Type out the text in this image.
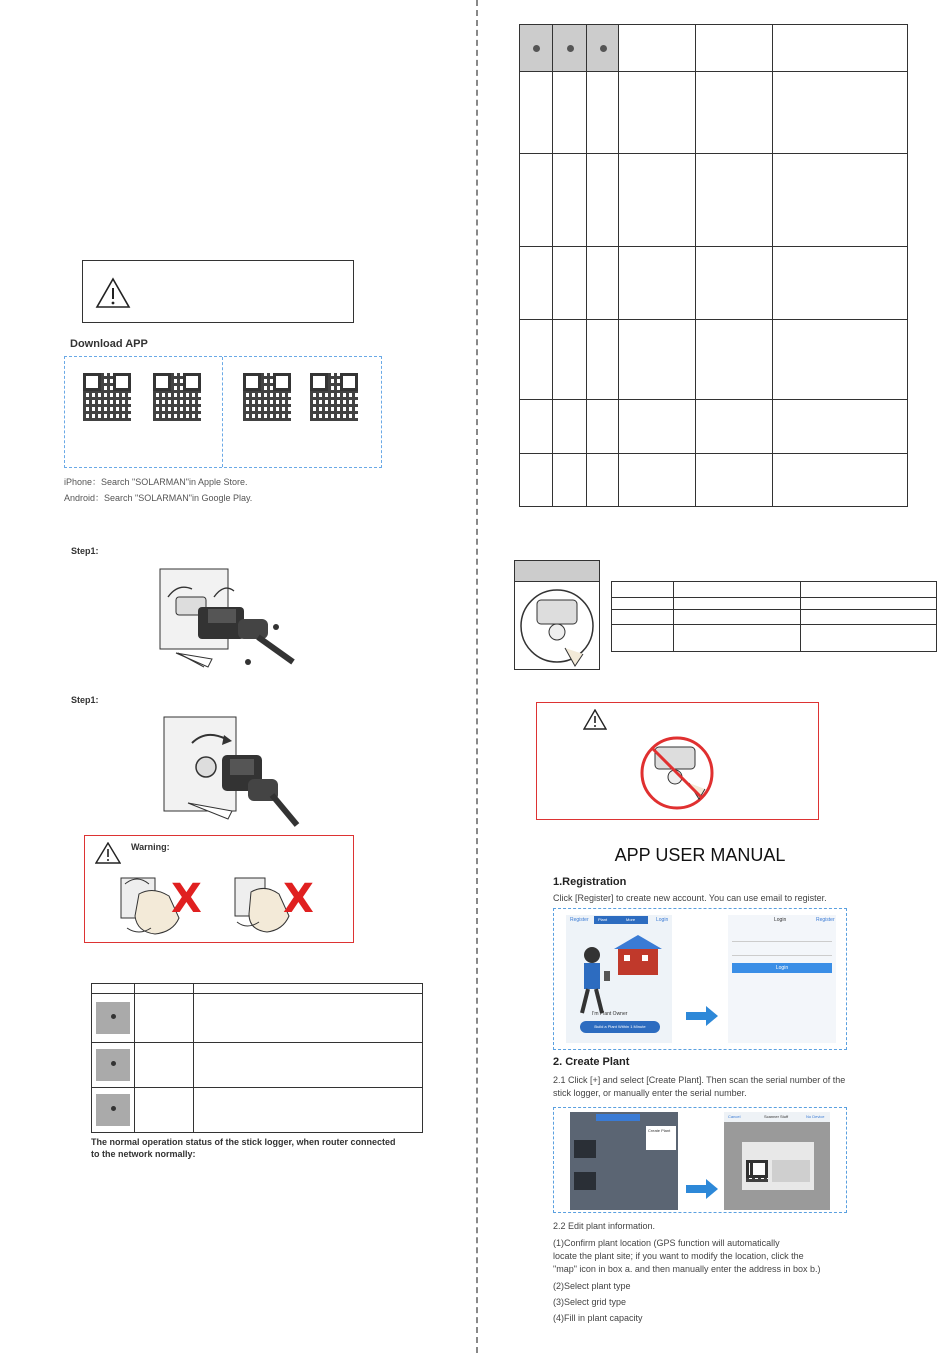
Download APP
iPhone：Search "SOLARMAN"in Apple Store.
Android：Search "SOLARMAN"in Google Play.
Step1:
Step1:
Warning:
X X

The normal operation status of the stick logger, when router connected
to the network normally:

APP USER MANUAL
1.Registration
Click [Register] to create new account. You can use email to register.
Register Plant	More	Login
I'm Plant Owner
Build a Plant Within 1 Minute
Login	Register
Login
2. Create Plant
2.1 Click [+] and select [Create Plant]. Then scan the serial number of the
stick logger, or manually enter the serial number.
Create Plant
Cancel	Scanner Stuff	No Device
2.2 Edit plant information.
(1)Confirm plant location (GPS function will automatically
locate the plant site; if you want to modify the location, click the
"map" icon in box a. and then manually enter the address in box b.)
(2)Select plant type
(3)Select grid type
(4)Fill in plant capacity
